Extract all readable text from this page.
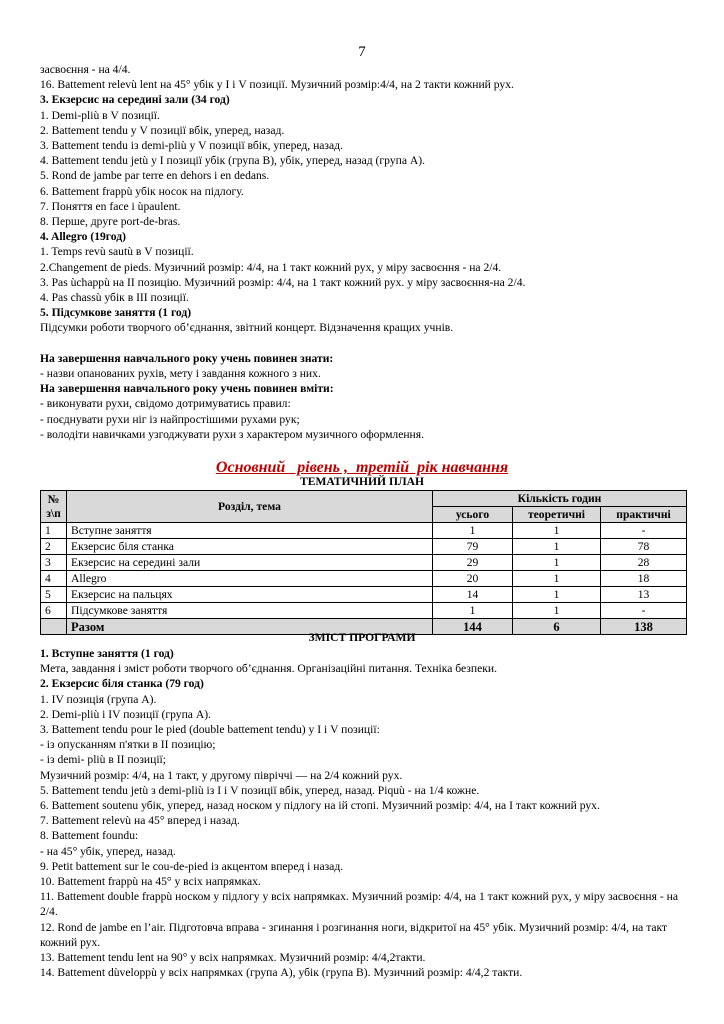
7
засвоєння - на 4/4.
16. Battement relevù lent на 45° убік у І і V позиції. Музичний розмір:4/4, на 2 такти кожний рух.
3. Екзерсис на середині зали (34 год)
1. Demi-pliù в V позиції.
2. Battement tendu у V позиції вбік, уперед, назад.
3. Battement tendu із demi-pliù у V позиції вбік, уперед, назад.
4. Battement tendu jetù у І позиції убік (група В), убік, уперед, назад (група А).
5. Rond de jambe par terre en dehors і en dedans.
6. Battement frappù убік носок на підлогу.
7. Поняття en face і ùpaulent.
8. Перше, друге port-de-bras.
4. Allegro (19год)
1. Temps revù sautù в V позиції.
2.Changement de pieds. Музичний розмір: 4/4, на 1 такт кожний рух, у міру засвоєння - на 2/4.
3. Pas ùchappù на ІІ позицію. Музичний розмір: 4/4, на 1 такт кожний рух. у міру засвоєння-на 2/4.
4. Pas chassù убік в ІІІ позиції.
5. Підсумкове заняття (1 год)
Підсумки роботи творчого об’єднання, звітний концерт. Відзначення кращих учнів.

На завершення навчального року учень повинен знати:
- назви опанованих рухів, мету і завдання кожного з них.
На завершення навчального року учень повинен вміти:
- виконувати рухи, свідомо дотримуватись правил:
- поєднувати рухи ніг із найпростішими рухами рук;
- володіти навичками узгоджувати рухи з характером музичного оформлення.
Основний   рівень ,  третій  рік навчання
ТЕМАТИЧНИЙ ПЛАН
№ з\п	Розділ, тема	Кількість годин		
		усього	теоретичні	практичні
1	Вступне заняття	1	1	-
2	Екзерсис біля станка	79	1	78
3	Екзерсис на середині зали	29	1	28
4	Allegro	20	1	18
5	Екзерсис на пальцях	14	1	13
6	Підсумкове заняття	1	1	-
	Разом	144	6	138
ЗМІСТ ПРОГРАМИ
1. Вступне заняття (1 год)
Мета, завдання і зміст роботи творчого об’єднання. Організаційні питання. Техніка безпеки.
2. Екзерсис біля станка (79 год)
1. IV позиція (група А).
2. Demi-pliù і IV позиції (група А).
3. Battement tendu pour le pied (double battement tendu) у І і V позиції:
- із опусканням п'ятки в ІІ позицію;
- із demi- pliù в ІІ позиції;
Музичний розмір: 4/4, на 1 такт, у другому півріччі — на 2/4 кожний рух.
5. Battement tendu jetù з demi-pliù із І і V позиції вбік, уперед, назад. Piquù - на 1/4 кожне.
6. Battement soutenu убік, уперед, назад носком у підлогу на ій стопі. Музичний розмір: 4/4, на І такт кожний рух.
7. Battement relevù на 45° вперед і назад.
8. Battement foundu:
- на 45° убік, уперед, назад.
9. Petit battement sur le cou-de-pied із акцентом вперед і назад.
10. Battement frappù на 45° у всіх напрямках.
11. Battement double frappù носком у підлогу у всіх напрямках. Музичний розмір: 4/4, на 1 такт кожний рух, у міру засвоєння - на 2/4.
12. Rond de jambe en l’air. Підготовча вправа - згинання і розгинання ноги, відкритої на 45° убік. Музичний розмір: 4/4, на такт кожний рух.
13. Battement tendu lent на 90° у всіх напрямках. Музичний розмір: 4/4,2такти.
14. Battement dùveloppù у всіх напрямках (група А), убік (група В). Музичний розмір: 4/4,2 такти.
